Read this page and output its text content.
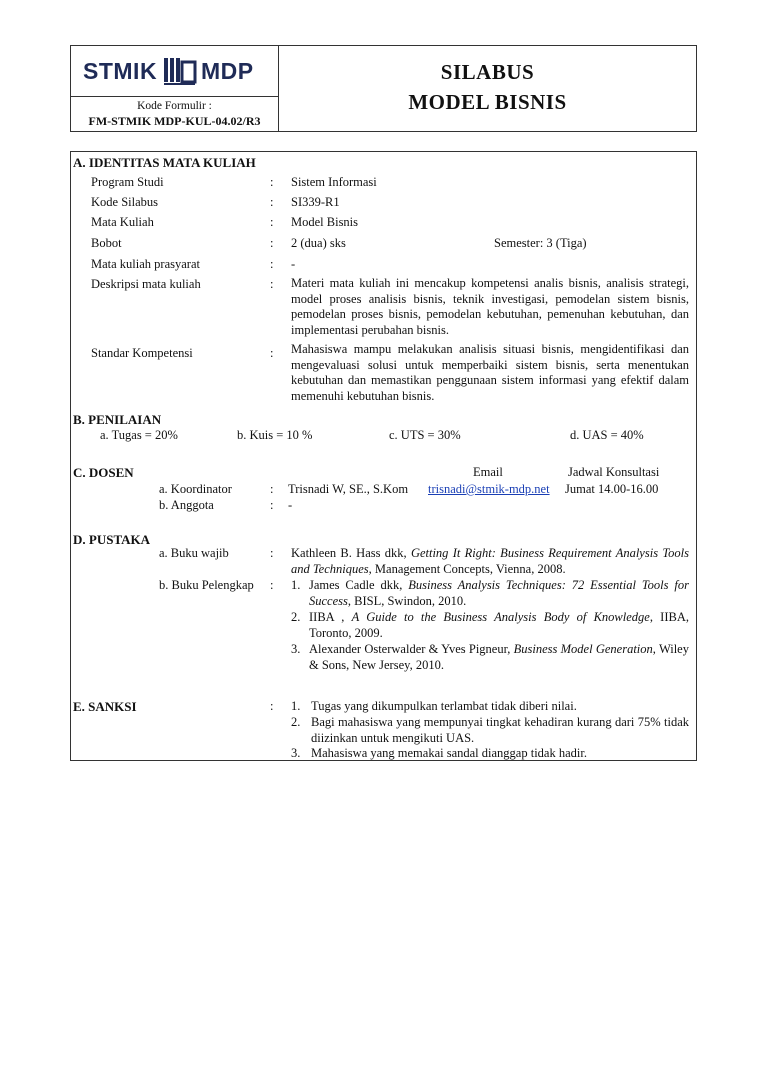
STMIK MDP
Kode Formulir :
FM-STMIK MDP-KUL-04.02/R3
SILABUS
MODEL BISNIS
A. IDENTITAS MATA KULIAH
Program Studi	: Sistem Informasi
Kode Silabus	: SI339-R1
Mata Kuliah	: Model Bisnis
Bobot	: 2 (dua) sks	Semester: 3 (Tiga)
Mata kuliah prasyarat	: -
Deskripsi mata kuliah	: Materi mata kuliah ini mencakup kompetensi analis bisnis, analisis strategi, model proses analisis bisnis, teknik investigasi, pemodelan sistem bisnis, pemodelan proses bisnis, pemodelan kebutuhan, pemenuhan kebutuhan, dan implementasi perubahan bisnis.
Standar Kompetensi	: Mahasiswa mampu melakukan analisis situasi bisnis, mengidentifikasi dan mengevaluasi solusi untuk memperbaiki sistem bisnis, serta menentukan kebutuhan dan memastikan penggunaan sistem informasi yang efektif dalam memenuhi kebutuhan bisnis.
B. PENILAIAN
a. Tugas = 20%	b. Kuis = 10 %	c. UTS = 30%	d. UAS = 40%
C. DOSEN	Email	Jadwal Konsultasi
a. Koordinator	: Trisnadi W, SE., S.Kom trisnadi@stmik-mdp.net Jumat 14.00-16.00
b. Anggota	: -
D. PUSTAKA
a. Buku wajib	: Kathleen B. Hass dkk, Getting It Right: Business Requirement Analysis Tools and Techniques, Management Concepts, Vienna, 2008.
b. Buku Pelengkap : 1. James Cadle dkk, Business Analysis Techniques: 72 Essential Tools for Success, BISL, Swindon, 2010.
2. IIBA , A Guide to the Business Analysis Body of Knowledge, IIBA, Toronto, 2009.
3. Alexander Osterwalder & Yves Pigneur, Business Model Generation, Wiley & Sons, New Jersey, 2010.
E. SANKSI	: 1. Tugas yang dikumpulkan terlambat tidak diberi nilai.
2. Bagi mahasiswa yang mempunyai tingkat kehadiran kurang dari 75% tidak diizinkan untuk mengikuti UAS.
3. Mahasiswa yang memakai sandal dianggap tidak hadir.
